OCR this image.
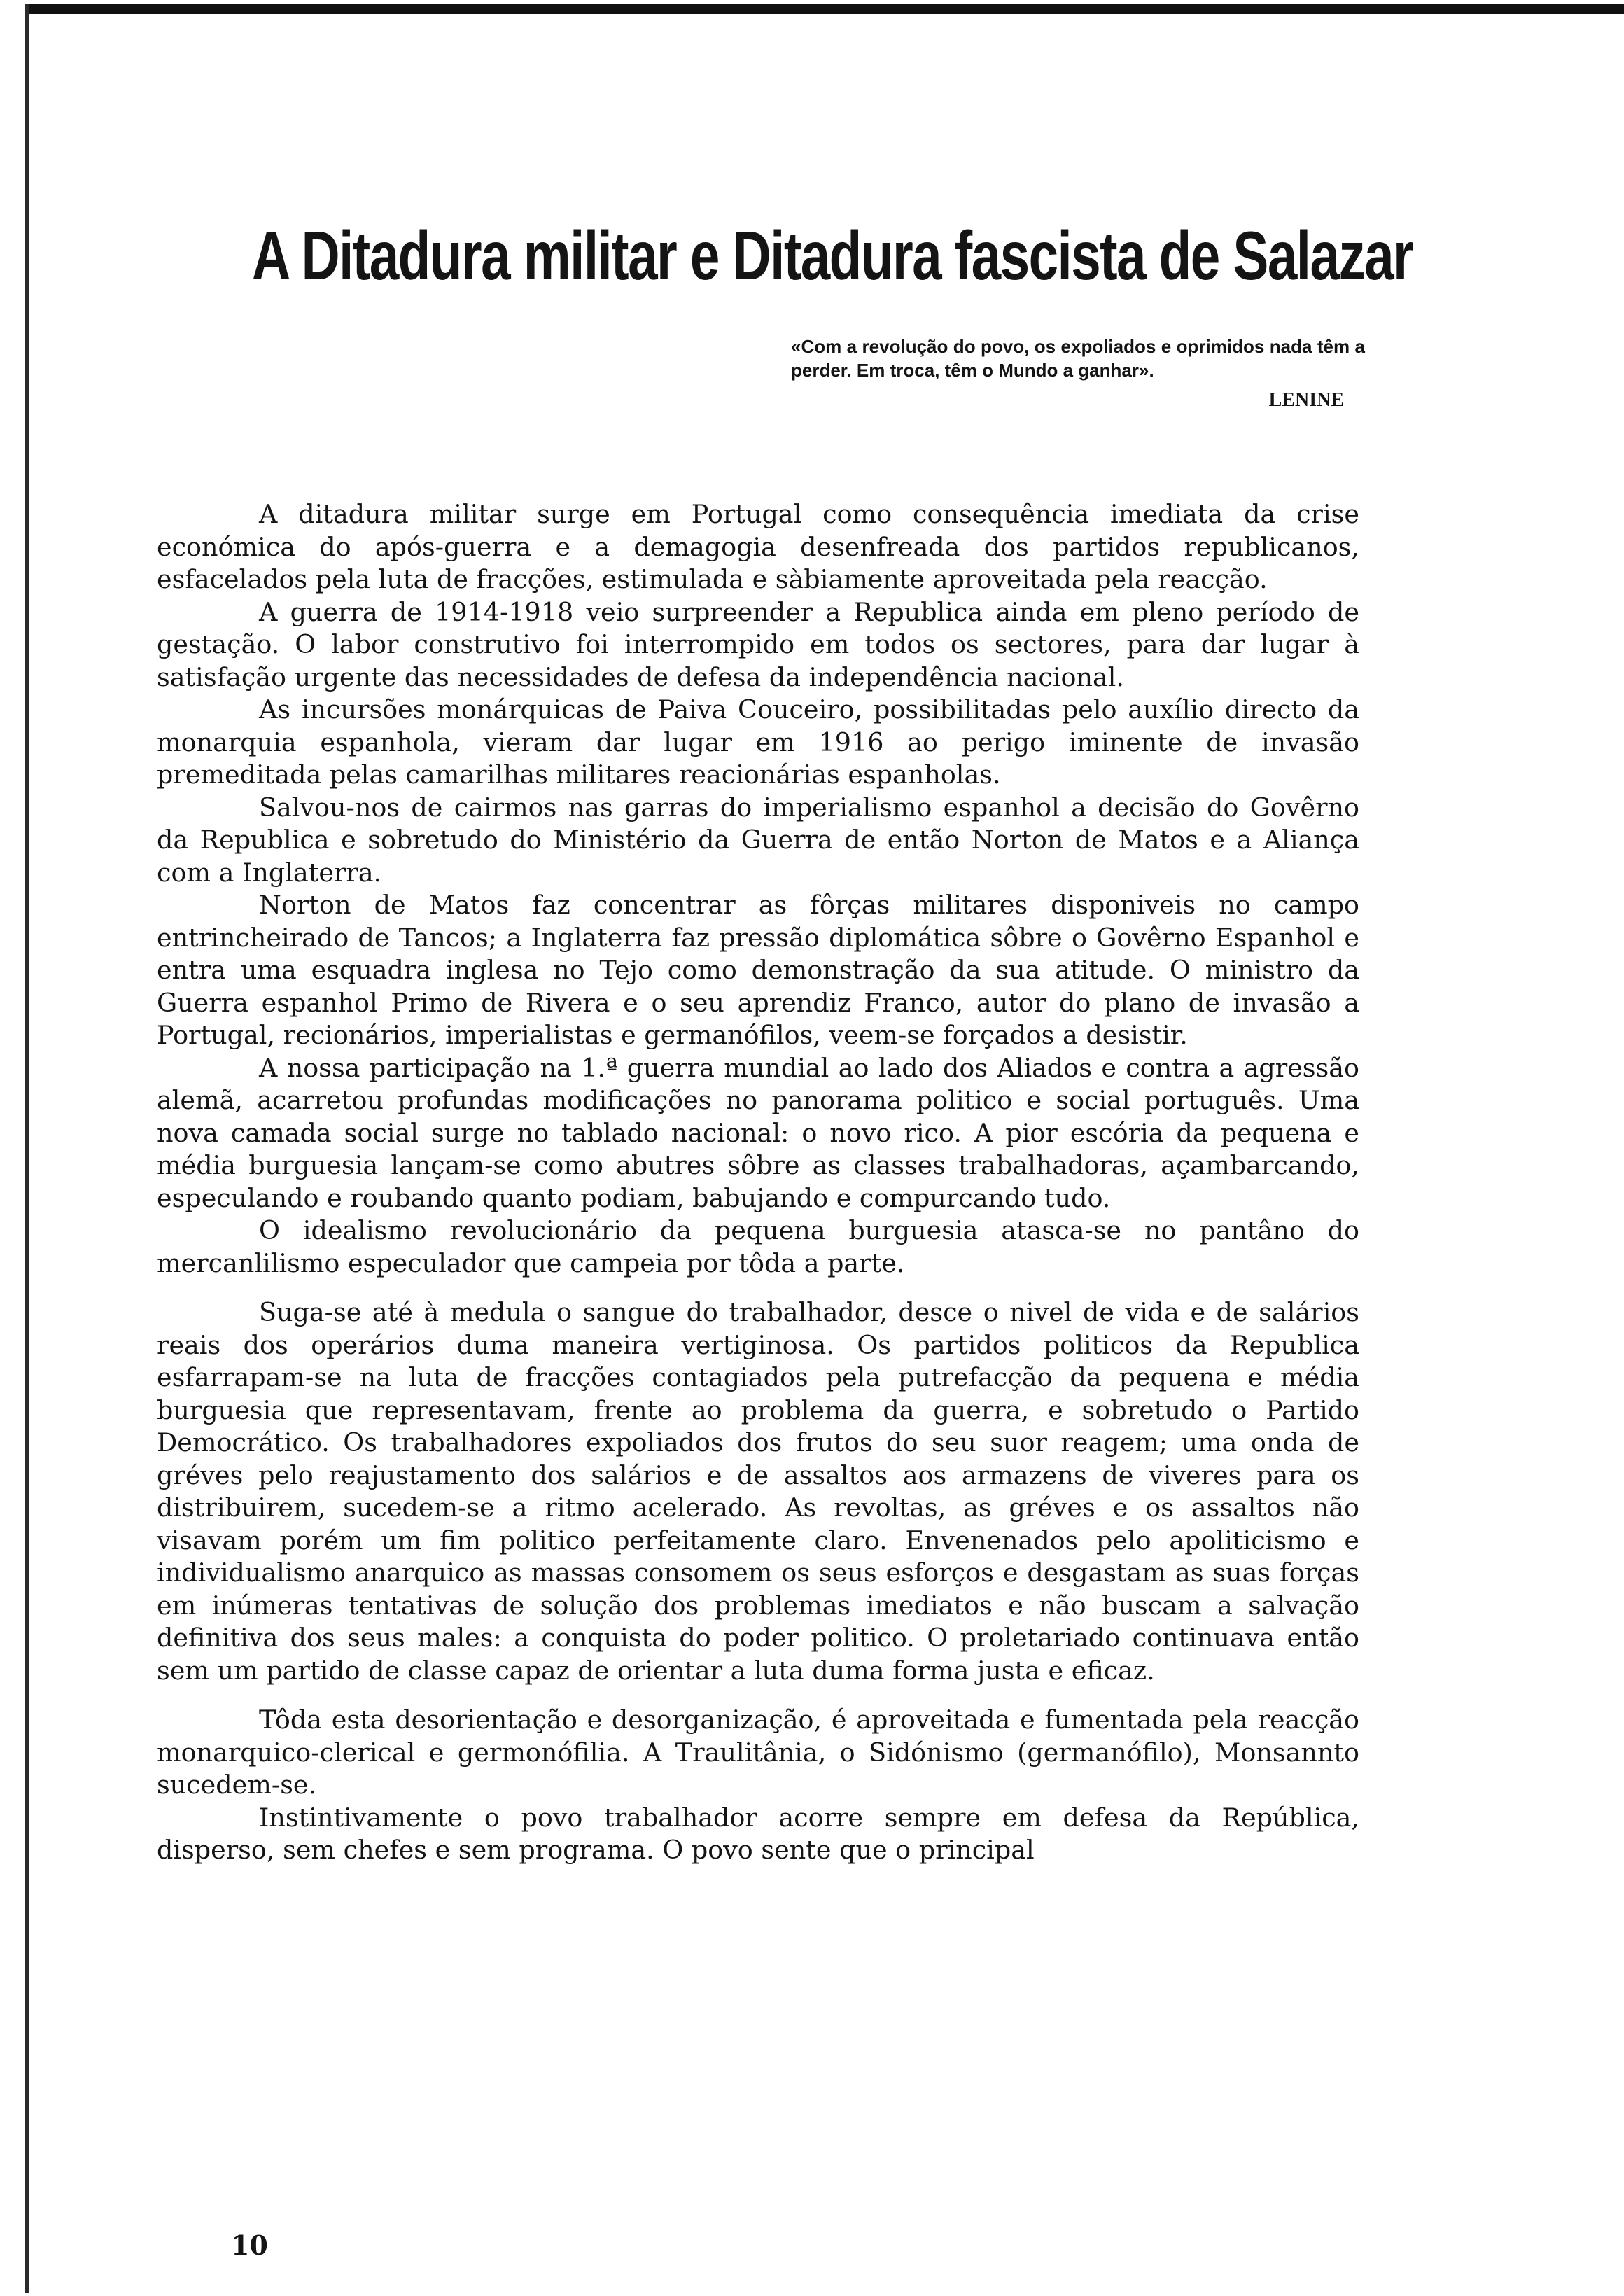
A Ditadura militar e Ditadura fascista de Salazar

«Com a revolução do povo, os expoliados e oprimidos nada têm a perder. Em troca, têm o Mundo a ganhar».

LENINE

A ditadura militar surge em Portugal como consequência imediata da crise económica do após-guerra e a demagogia desenfreada dos partidos republicanos, esfacelados pela luta de fracções, estimulada e sàbiamente aproveitada pela reacção.

A guerra de 1914-1918 veio surpreender a Republica ainda em pleno período de gestação. O labor construtivo foi interrompido em todos os sectores, para dar lugar à satisfação urgente das necessidades de defesa da independência nacional.

As incursões monárquicas de Paiva Couceiro, possibilitadas pelo auxílio directo da monarquia espanhola, vieram dar lugar em 1916 ao perigo iminente de invasão premeditada pelas camarilhas militares reacionárias espanholas.

Salvou-nos de cairmos nas garras do imperialismo espanhol a decisão do Govêrno da Republica e sobretudo do Ministério da Guerra de então Norton de Matos e a Aliança com a Inglaterra.

Norton de Matos faz concentrar as fôrças militares disponiveis no campo entrincheirado de Tancos; a Inglaterra faz pressão diplomática sôbre o Govêrno Espanhol e entra uma esquadra inglesa no Tejo como demonstração da sua atitude. O ministro da Guerra espanhol Primo de Rivera e o seu aprendiz Franco, autor do plano de invasão a Portugal, recionários, imperialistas e germanófilos, veem-se forçados a desistir.

A nossa participação na 1.ª guerra mundial ao lado dos Aliados e contra a agressão alemã, acarretou profundas modificações no panorama politico e social português. Uma nova camada social surge no tablado nacional: o novo rico. A pior escória da pequena e média burguesia lançam-se como abutres sôbre as classes trabalhadoras, açambarcando, especulando e roubando quanto podiam, babujando e compurcando tudo.

O idealismo revolucionário da pequena burguesia atasca-se no pantâno do mercanlilismo especulador que campeia por tôda a parte.

Suga-se até à medula o sangue do trabalhador, desce o nivel de vida e de salários reais dos operários duma maneira vertiginosa. Os partidos politicos da Republica esfarrapam-se na luta de fracções contagiados pela putrefacção da pequena e média burguesia que representavam, frente ao problema da guerra, e sobretudo o Partido Democrático. Os trabalhadores expoliados dos frutos do seu suor reagem; uma onda de gréves pelo reajustamento dos salários e de assaltos aos armazens de viveres para os distribuirem, sucedem-se a ritmo acelerado. As revoltas, as gréves e os assaltos não visavam porém um fim politico perfeitamente claro. Envenenados pelo apoliticismo e individualismo anarquico as massas consomem os seus esforços e desgastam as suas forças em inúmeras tentativas de solução dos problemas imediatos e não buscam a salvação definitiva dos seus males: a conquista do poder politico. O proletariado continuava então sem um partido de classe capaz de orientar a luta duma forma justa e eficaz.

Tôda esta desorientação e desorganização, é aproveitada e fumentada pela reacção monarquico-clerical e germonófilia. A Traulitânia, o Sidónismo (germanófilo), Monsannto sucedem-se.

Instintivamente o povo trabalhador acorre sempre em defesa da República, disperso, sem chefes e sem programa. O povo sente que o principal

10
